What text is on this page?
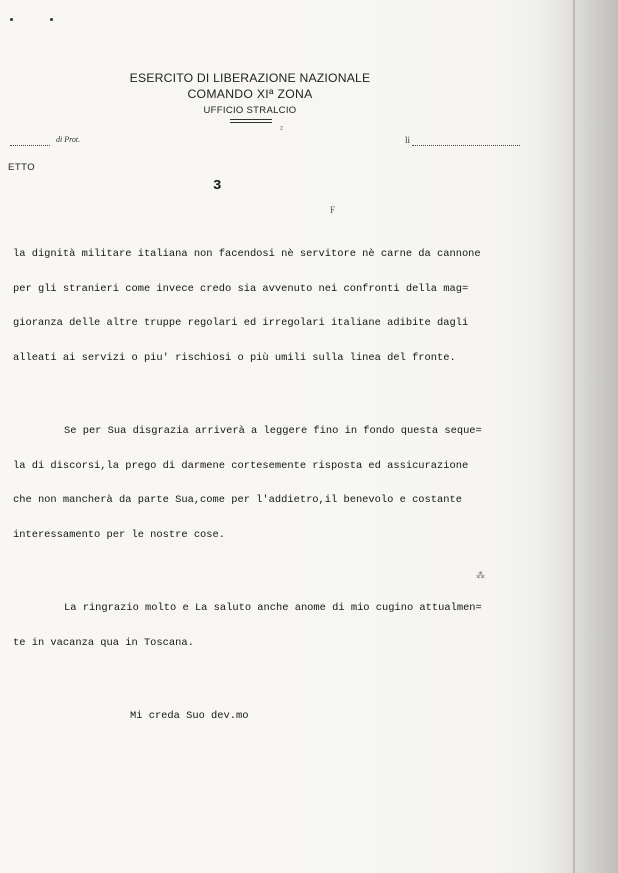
ESERCITO DI LIBERAZIONE NAZIONALE
COMANDO XIª ZONA
UFFICIO STRALCIO
di Prot.	li
²
F
⁂
ETTO
3

la dignità militare italiana non facendosi nè servitore nè carne da cannone

per gli stranieri come invece credo sia avvenuto nei confronti della mag=

gioranza delle altre truppe regolari ed irregolari italiane adibite dagli

alleati ai servizi o piu' rischiosi o più umili sulla linea del fronte.

Se per Sua disgrazia arriverà a leggere fino in fondo questa seque=

la di discorsi,la prego di darmene cortesemente risposta ed assicurazione

che non mancherà da parte Sua,come per l'addietro,il benevolo e costante

interessamento per le nostre cose.

La ringrazio molto e La saluto anche anome di mio cugino attualmen=

te in vacanza qua in Toscana.

Mi creda Suo dev.mo
